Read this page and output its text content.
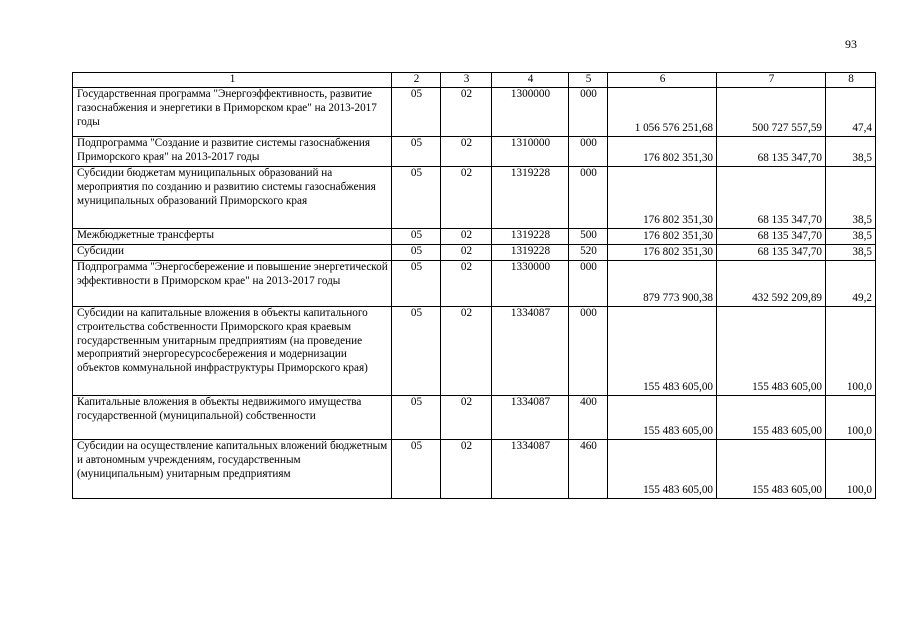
93
1	2	3	4	5	6	7	8
Государственная программа "Энергоэффективность, развитие газоснабжения и энергетики в Приморском крае" на 2013-2017 годы	05	02	1300000	000	1 056 576 251,68	500 727 557,59	47,4
Подпрограмма "Создание и развитие системы газоснабжения Приморского края" на 2013-2017 годы	05	02	1310000	000	176 802 351,30	68 135 347,70	38,5
Субсидии бюджетам муниципальных образований на мероприятия по созданию и развитию системы газоснабжения муниципальных образований Приморского края	05	02	1319228	000	176 802 351,30	68 135 347,70	38,5
Межбюджетные трансферты	05	02	1319228	500	176 802 351,30	68 135 347,70	38,5
Субсидии	05	02	1319228	520	176 802 351,30	68 135 347,70	38,5
Подпрограмма "Энергосбережение и повышение энергетической эффективности в Приморском крае" на 2013-2017 годы	05	02	1330000	000	879 773 900,38	432 592 209,89	49,2
Субсидии на капитальные вложения в объекты капитального строительства собственности Приморского края краевым государственным унитарным предприятиям (на проведение мероприятий энергоресурсосбережения и модернизации объектов коммунальной инфраструктуры Приморского края)	05	02	1334087	000	155 483 605,00	155 483 605,00	100,0
Капитальные вложения в объекты недвижимого имущества государственной (муниципальной) собственности	05	02	1334087	400	155 483 605,00	155 483 605,00	100,0
Субсидии на осуществление капитальных вложений бюджетным и автономным учреждениям, государственным (муниципальным) унитарным предприятиям	05	02	1334087	460	155 483 605,00	155 483 605,00	100,0
